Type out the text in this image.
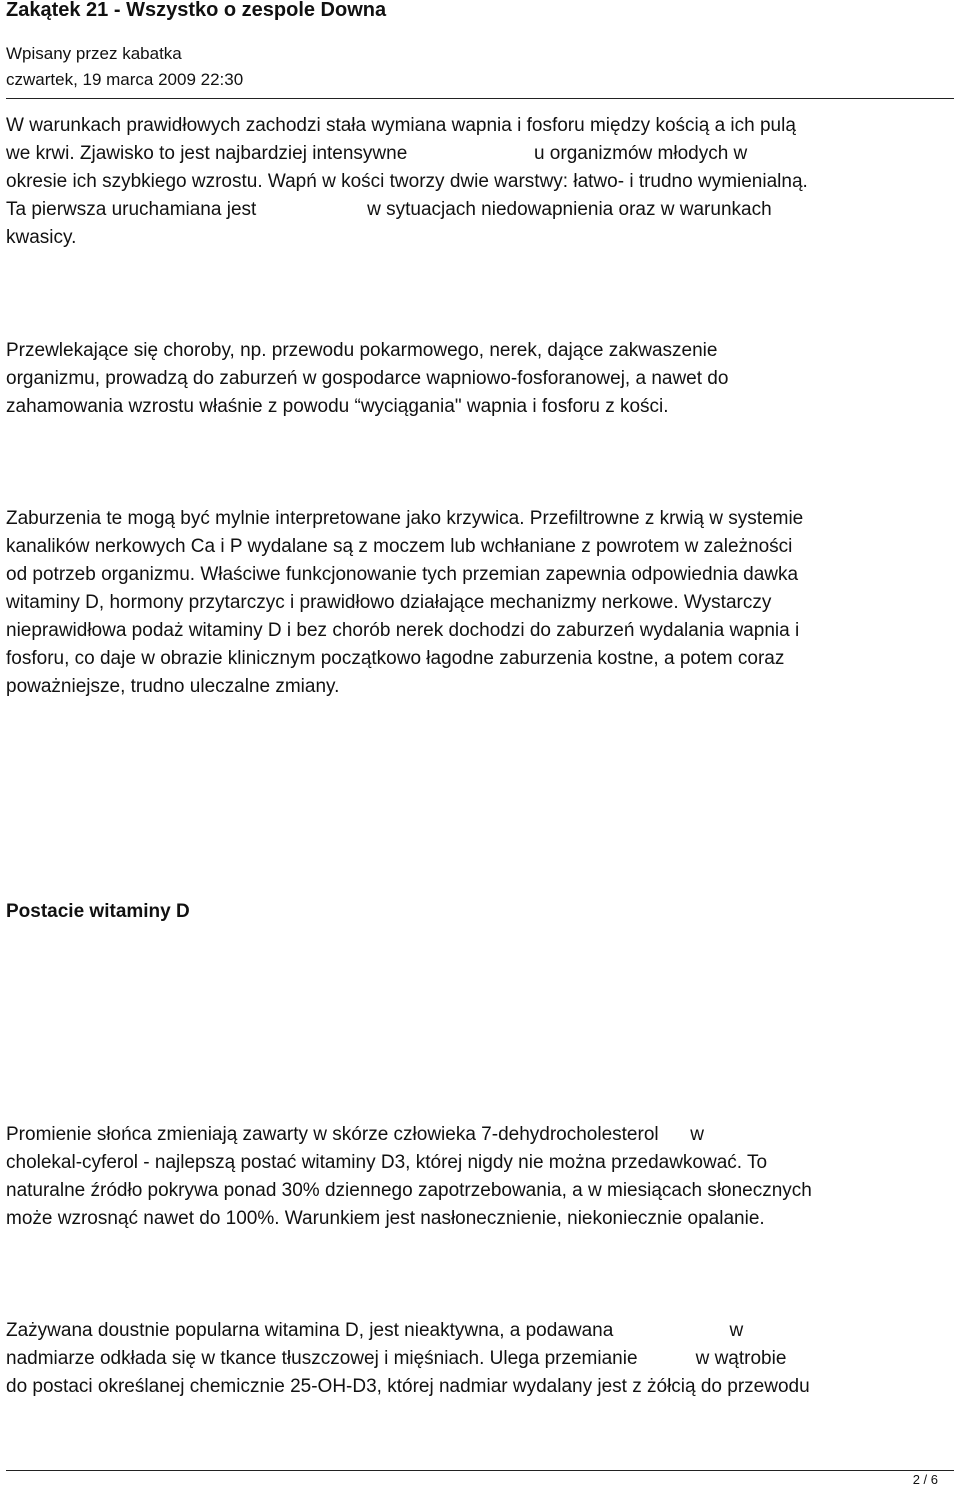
Zakątek 21 - Wszystko o zespole Downa
Wpisany przez kabatka
czwartek, 19 marca 2009 22:30
W warunkach prawidłowych zachodzi stała wymiana wapnia i fosforu między kością a ich pulą
we krwi. Zjawisko to jest najbardziej intensywne                        u organizmów młodych w
okresie ich szybkiego wzrostu. Wapń w kości tworzy dwie warstwy: łatwo- i trudno wymienialną.
Ta pierwsza uruchamiana jest                     w sytuacjach niedowapnienia oraz w warunkach
kwasicy.
Przewlekające się choroby, np. przewodu pokarmowego, nerek, dające zakwaszenie
organizmu, prowadzą do zaburzeń w gospodarce wapniowo-fosforanowej, a nawet do
zahamowania wzrostu właśnie z powodu “wyciągania" wapnia i fosforu z kości.
Zaburzenia te mogą być mylnie interpretowane jako krzywica. Przefiltrowne z krwią w systemie
kanalików nerkowych Ca i P wydalane są z moczem lub wchłaniane z powrotem w zależności
od potrzeb organizmu. Właściwe funkcjonowanie tych przemian zapewnia odpowiednia dawka
witaminy D, hormony przytarczyc i prawidłowo działające mechanizmy nerkowe. Wystarczy
nieprawidłowa podaż witaminy D i bez chorób nerek dochodzi do zaburzeń wydalania wapnia i
fosforu, co daje w obrazie klinicznym początkowo łagodne zaburzenia kostne, a potem coraz
poważniejsze, trudno uleczalne zmiany.
Postacie witaminy D
Promienie słońca zmieniają zawarty w skórze człowieka 7-dehydrocholesterol      w
cholekal-cyferol - najlepszą postać witaminy D3, której nigdy nie można przedawkować. To
naturalne źródło pokrywa ponad 30% dziennego zapotrzebowania, a w miesiącach słonecznych
może wzrosnąć nawet do 100%. Warunkiem jest nasłonecznienie, niekoniecznie opalanie.
Zażywana doustnie popularna witamina D, jest nieaktywna, a podawana                      w
nadmiarze odkłada się w tkance tłuszczowej i mięśniach. Ulega przemianie           w wątrobie
do postaci określanej chemicznie 25-OH-D3, której nadmiar wydalany jest z żółcią do przewodu
2 / 6
